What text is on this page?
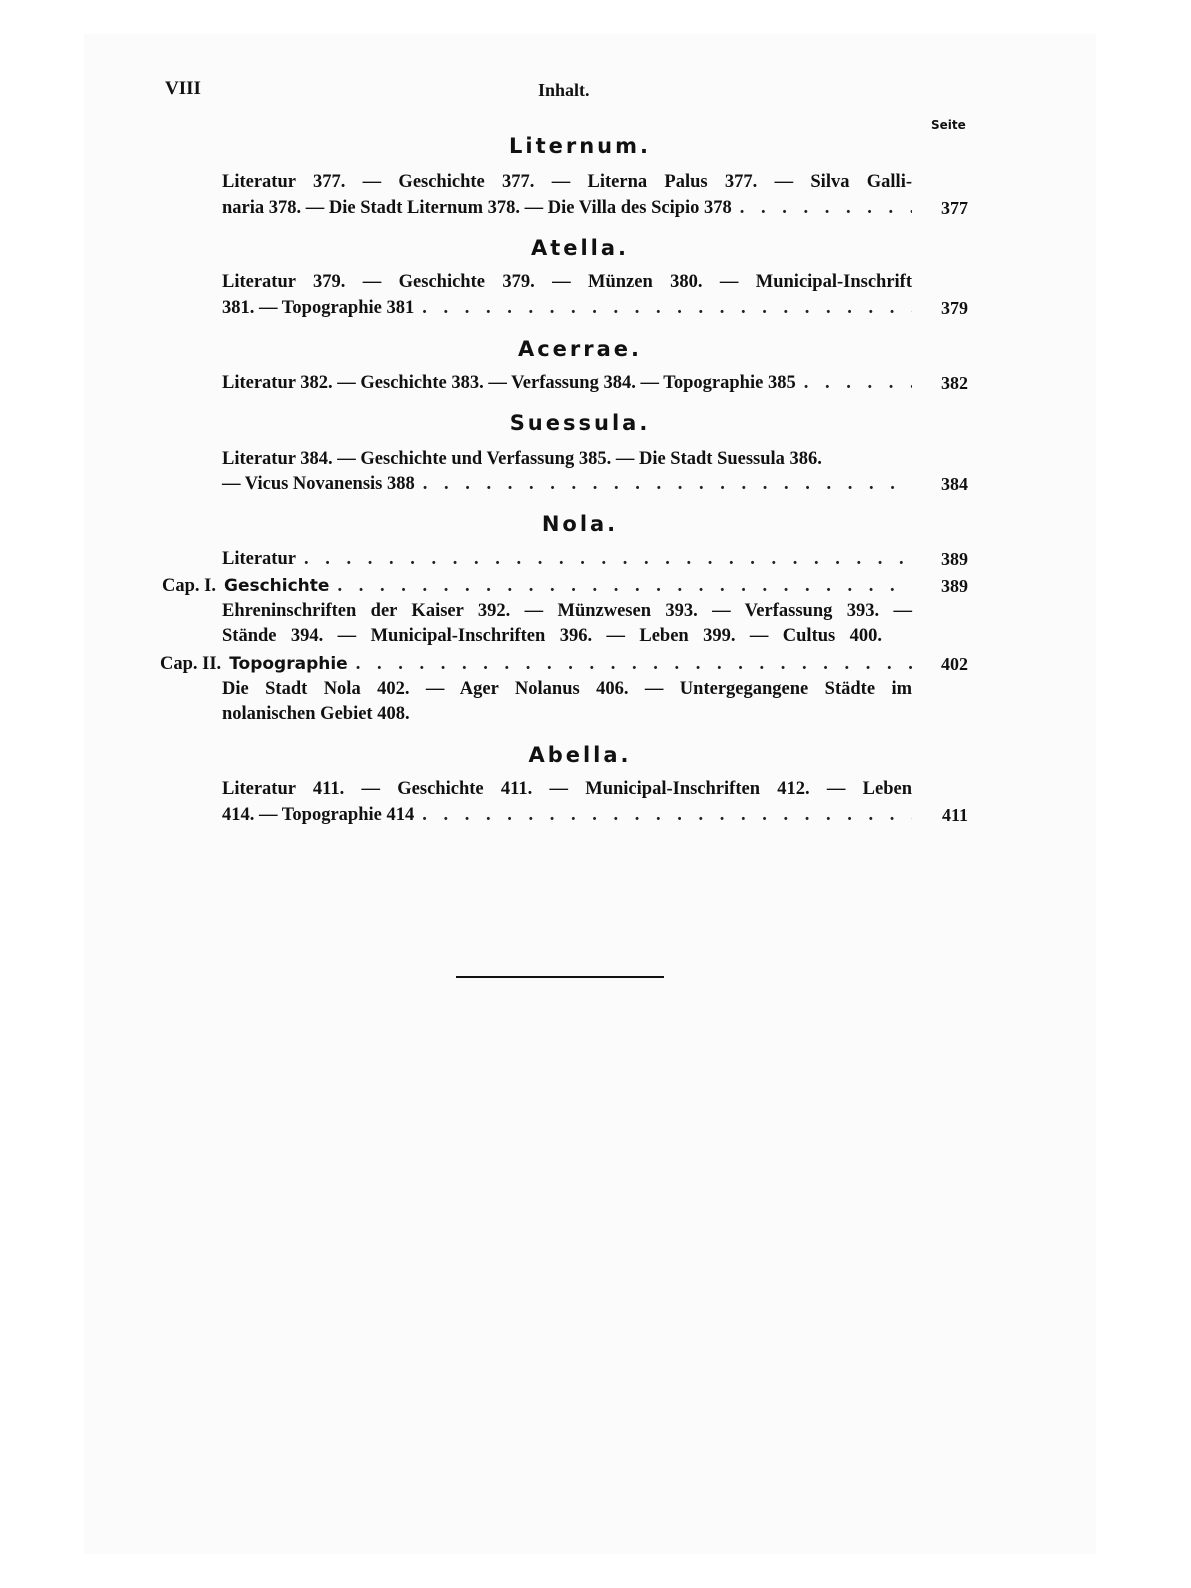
VIII	Inhalt.
Seite
Liternum.
Literatur 377. — Geschichte 377. — Literna Palus 377. — Silva Galli-
naria 378. — Die Stadt Liternum 378. — Die Villa des Scipio 378 . . .	377
Atella.
Literatur 379. — Geschichte 379. — Münzen 380. — Municipal-Inschrift
381. — Topographie 381 . . .	379
Acerrae.
Literatur 382. — Geschichte 383. — Verfassung 384. — Topographie 385 . . .	382
Suessula.
Literatur 384. — Geschichte und Verfassung 385. — Die Stadt Suessula 386.
— Vicus Novanensis 388 . . .	384
Nola.
Literatur . . .	389
Cap. I. Geschichte . . .	389
Ehreninschriften der Kaiser 392. — Münzwesen 393. — Verfassung 393. —
Stände 394. — Municipal-Inschriften 396. — Leben 399. — Cultus 400.
Cap. II. Topographie . . .	402
Die Stadt Nola 402. — Ager Nolanus 406. — Untergegangene Städte im
nolanischen Gebiet 408.
Abella.
Literatur 411. — Geschichte 411. — Municipal-Inschriften 412. — Leben
414. — Topographie 414 . . .	411
